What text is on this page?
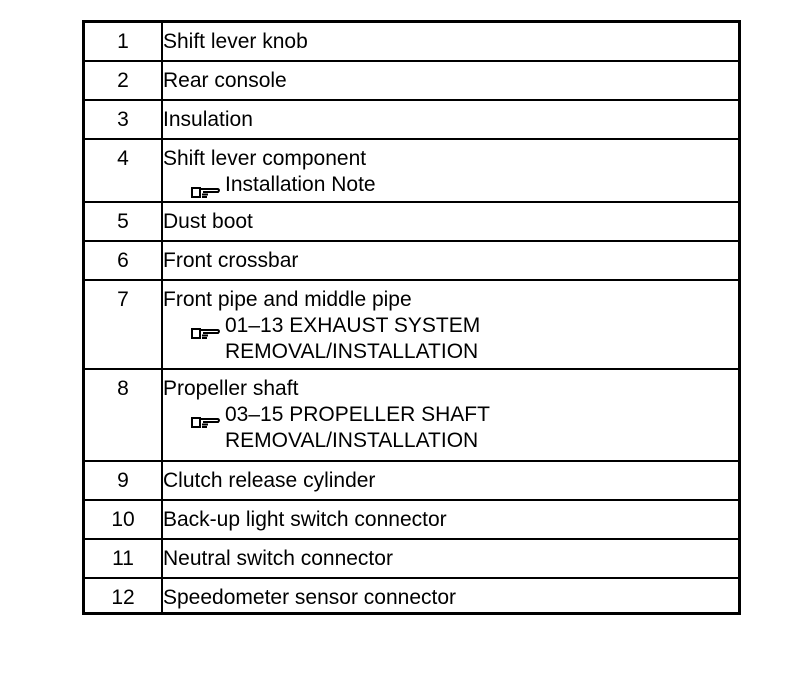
1	Shift lever knob
2	Rear console
3	Insulation
4	Shift lever component
Installation Note

5	Dust boot
6	Front crossbar
7	Front pipe and middle pipe
01–13 EXHAUST SYSTEM
REMOVAL/INSTALLATION

8	Propeller shaft
03–15 PROPELLER SHAFT
REMOVAL/INSTALLATION

9	Clutch release cylinder
10	Back-up light switch connector
11	Neutral switch connector
12	Speedometer sensor connector
